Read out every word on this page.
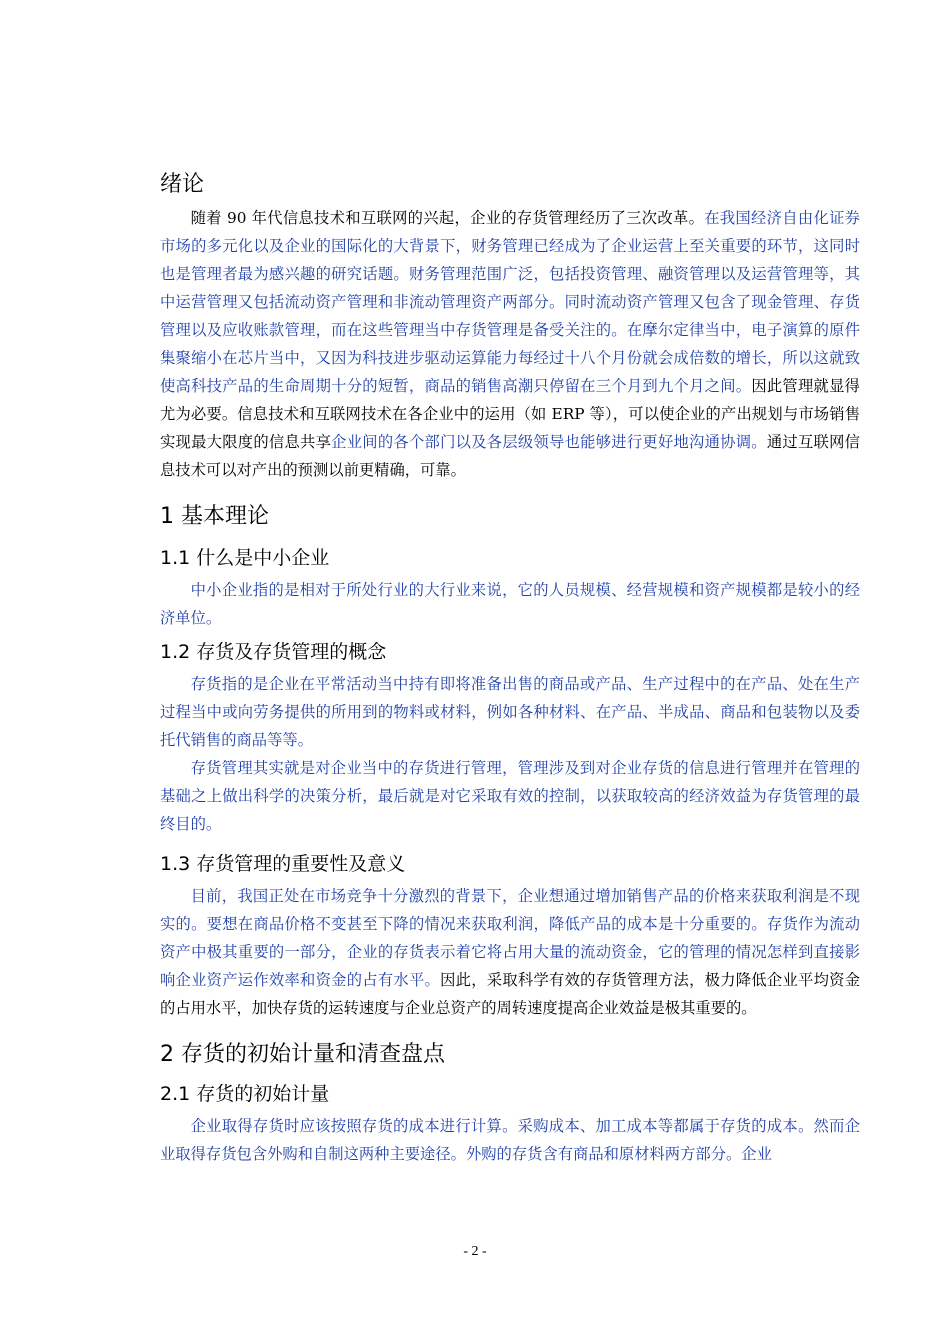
绪论

随着 90 年代信息技术和互联网的兴起，企业的存货管理经历了三次改革。在我国经济自由化证券市场的多元化以及企业的国际化的大背景下，财务管理已经成为了企业运营上至关重要的环节，这同时也是管理者最为感兴趣的研究话题。财务管理范围广泛，包括投资管理、融资管理以及运营管理等，其中运营管理又包括流动资产管理和非流动管理资产两部分。同时流动资产管理又包含了现金管理、存货管理以及应收账款管理，而在这些管理当中存货管理是备受关注的。在摩尔定律当中，电子演算的原件集聚缩小在芯片当中，又因为科技进步驱动运算能力每经过十八个月份就会成倍数的增长，所以这就致使高科技产品的生命周期十分的短暂，商品的销售高潮只停留在三个月到九个月之间。因此管理就显得尤为必要。信息技术和互联网技术在各企业中的运用（如 ERP 等），可以使企业的产出规划与市场销售实现最大限度的信息共享企业间的各个部门以及各层级领导也能够进行更好地沟通协调。通过互联网信息技术可以对产出的预测以前更精确，可靠。

1 基本理论
1.1 什么是中小企业

中小企业指的是相对于所处行业的大行业来说，它的人员规模、经营规模和资产规模都是较小的经济单位。

1.2 存货及存货管理的概念

存货指的是企业在平常活动当中持有即将准备出售的商品或产品、生产过程中的在产品、处在生产过程当中或向劳务提供的所用到的物料或材料，例如各种材料、在产品、半成品、商品和包装物以及委托代销售的商品等等。

存货管理其实就是对企业当中的存货进行管理，管理涉及到对企业存货的信息进行管理并在管理的基础之上做出科学的决策分析，最后就是对它采取有效的控制，以获取较高的经济效益为存货管理的最终目的。

1.3 存货管理的重要性及意义

目前，我国正处在市场竞争十分激烈的背景下，企业想通过增加销售产品的价格来获取利润是不现实的。要想在商品价格不变甚至下降的情况来获取利润，降低产品的成本是十分重要的。存货作为流动资产中极其重要的一部分，企业的存货表示着它将占用大量的流动资金，它的管理的情况怎样到直接影响企业资产运作效率和资金的占有水平。因此，采取科学有效的存货管理方法，极力降低企业平均资金的占用水平，加快存货的运转速度与企业总资产的周转速度提高企业效益是极其重要的。

2 存货的初始计量和清查盘点
2.1 存货的初始计量

企业取得存货时应该按照存货的成本进行计算。采购成本、加工成本等都属于存货的成本。然而企业取得存货包含外购和自制这两种主要途径。外购的存货含有商品和原材料两方部分。企业

- 2 -
